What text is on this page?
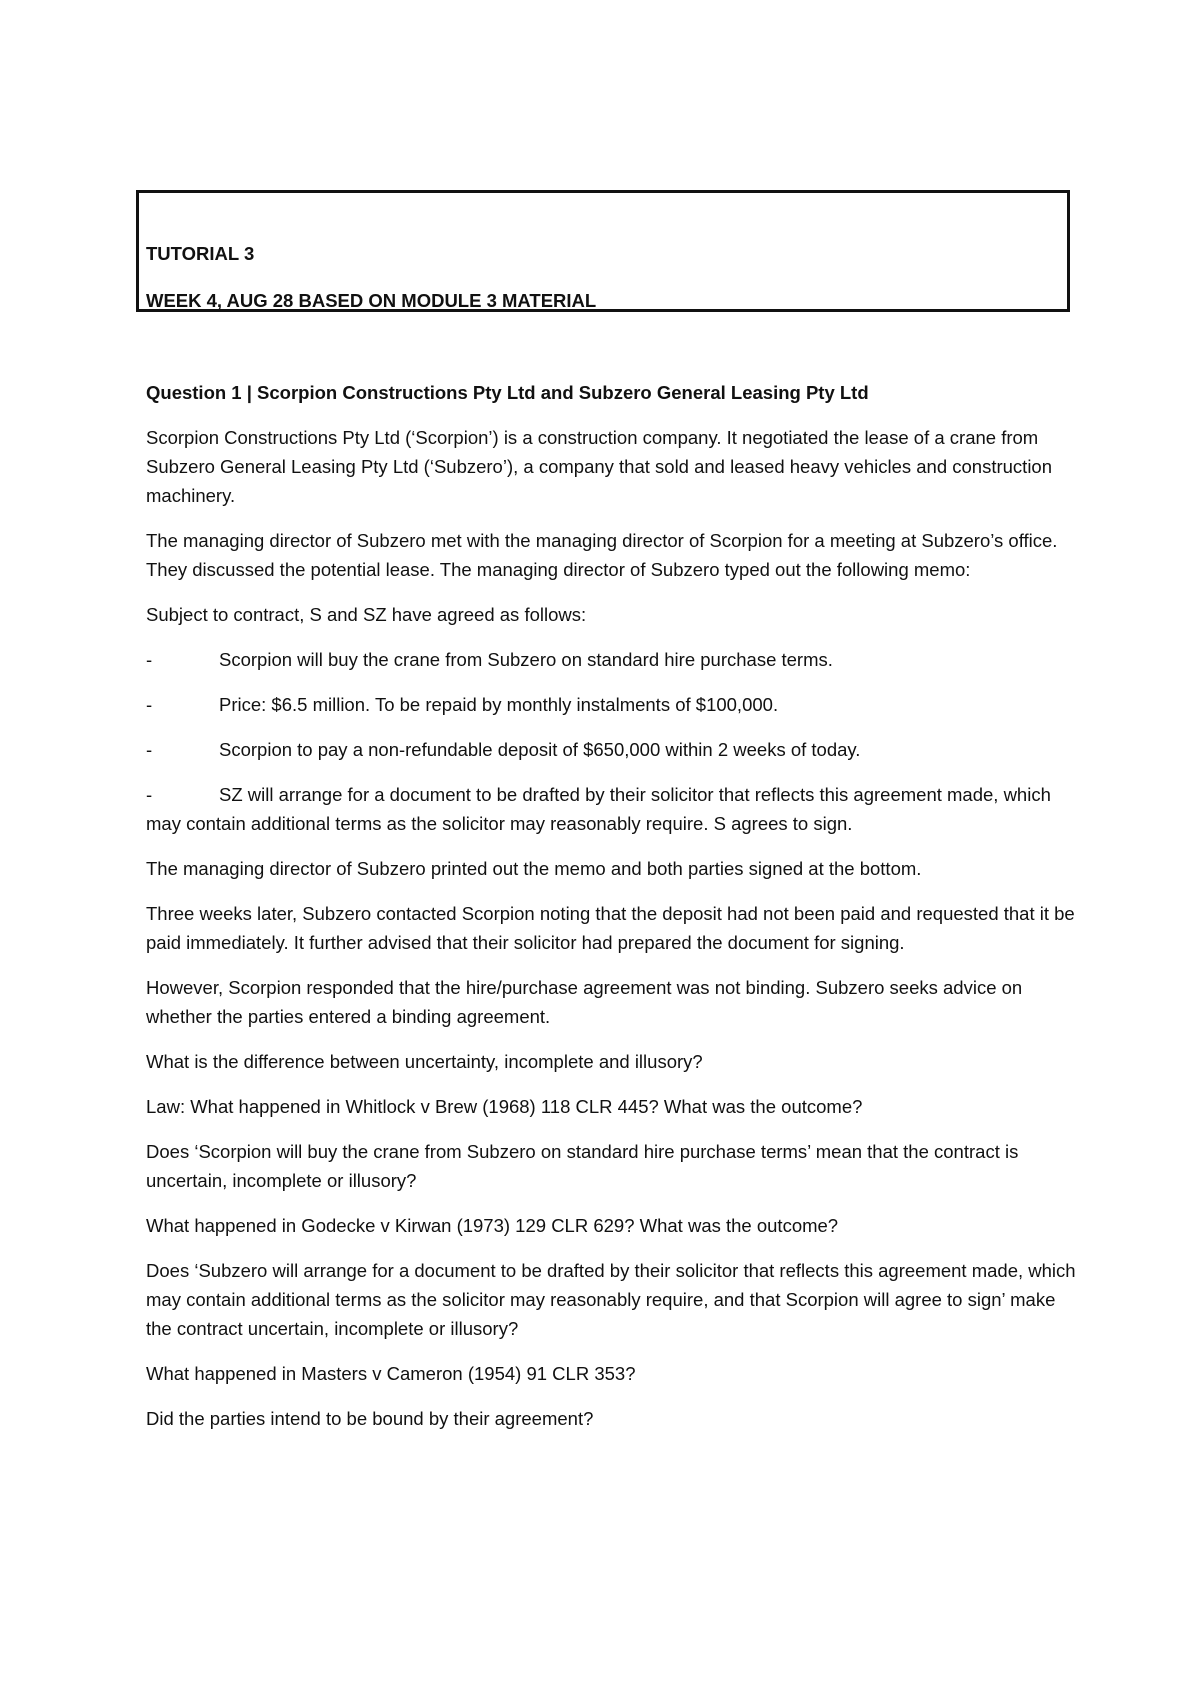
TUTORIAL 3
WEEK 4, AUG 28 BASED ON MODULE 3 MATERIAL

Question 1 | Scorpion Constructions Pty Ltd and Subzero General Leasing Pty Ltd

Scorpion Constructions Pty Ltd (‘Scorpion’) is a construction company. It negotiated the lease of a crane from Subzero General Leasing Pty Ltd (‘Subzero’), a company that sold and leased heavy vehicles and construction machinery.

The managing director of Subzero met with the managing director of Scorpion for a meeting at Subzero’s office. They discussed the potential lease. The managing director of Subzero typed out the following memo:

Subject to contract, S and SZ have agreed as follows:

-	Scorpion will buy the crane from Subzero on standard hire purchase terms.
-	Price: $6.5 million. To be repaid by monthly instalments of $100,000.
-	Scorpion to pay a non-refundable deposit of $650,000 within 2 weeks of today.
-	SZ will arrange for a document to be drafted by their solicitor that reflects this agreement made, which may contain additional terms as the solicitor may reasonably require. S agrees to sign.

The managing director of Subzero printed out the memo and both parties signed at the bottom.

Three weeks later, Subzero contacted Scorpion noting that the deposit had not been paid and requested that it be paid immediately. It further advised that their solicitor had prepared the document for signing.

However, Scorpion responded that the hire/purchase agreement was not binding. Subzero seeks advice on whether the parties entered a binding agreement.

What is the difference between uncertainty, incomplete and illusory?

Law: What happened in Whitlock v Brew (1968) 118 CLR 445? What was the outcome?

Does ‘Scorpion will buy the crane from Subzero on standard hire purchase terms’ mean that the contract is uncertain, incomplete or illusory?

What happened in Godecke v Kirwan (1973) 129 CLR 629? What was the outcome?

Does ‘Subzero will arrange for a document to be drafted by their solicitor that reflects this agreement made, which may contain additional terms as the solicitor may reasonably require, and that Scorpion will agree to sign’ make the contract uncertain, incomplete or illusory?

What happened in Masters v Cameron (1954) 91 CLR 353?

Did the parties intend to be bound by their agreement?
